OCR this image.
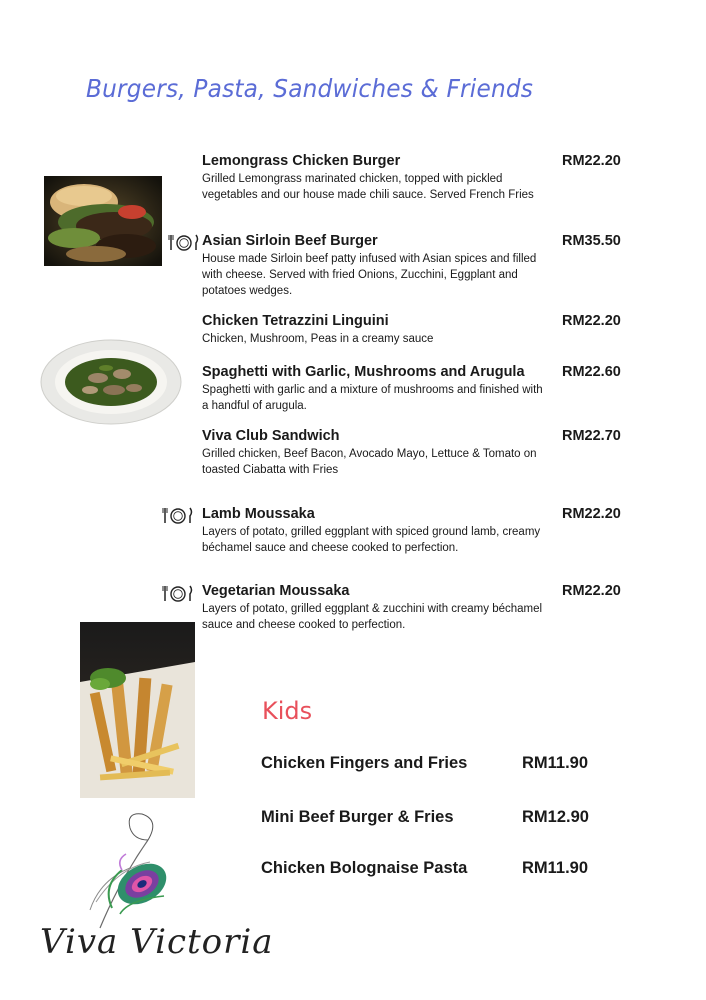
Burgers, Pasta, Sandwiches & Friends
Lemongrass Chicken Burger
Grilled Lemongrass marinated chicken, topped with pickled vegetables and our house made chili sauce. Served French Fries
RM22.20
Asian Sirloin Beef Burger
House made Sirloin beef patty infused with Asian spices and filled with cheese. Served with fried Onions, Zucchini, Eggplant and potatoes wedges.
RM35.50
Chicken Tetrazzini Linguini
Chicken, Mushroom, Peas in a creamy sauce
RM22.20
Spaghetti with Garlic, Mushrooms and Arugula
Spaghetti with garlic and a mixture of mushrooms and finished with a handful of arugula.
RM22.60
Viva Club Sandwich
Grilled chicken, Beef Bacon, Avocado Mayo, Lettuce & Tomato on toasted Ciabatta with Fries
RM22.70
Lamb Moussaka
Layers of potato, grilled eggplant with spiced ground lamb, creamy béchamel sauce and cheese cooked to perfection.
RM22.20
Vegetarian Moussaka
Layers of potato, grilled eggplant & zucchini with creamy béchamel sauce and cheese cooked to perfection.
RM22.20
Kids
Chicken Fingers and Fries	RM11.90
Mini Beef Burger & Fries	RM12.90
Chicken Bolognaise Pasta	RM11.90
Viva Victoria
